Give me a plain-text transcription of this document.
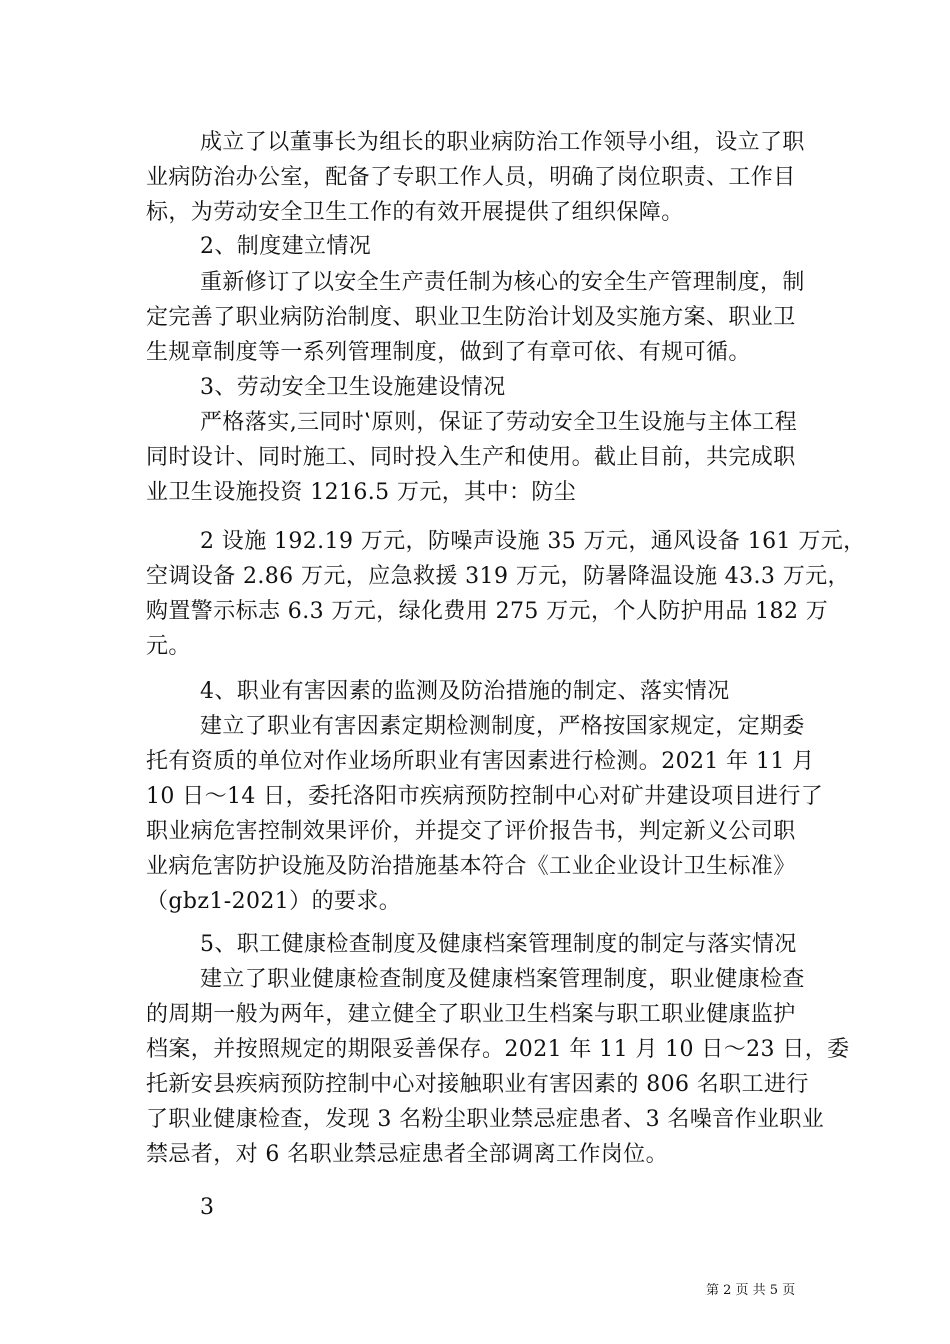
成立了以董事长为组长的职业病防治工作领导小组，设立了职
业病防治办公室，配备了专职工作人员，明确了岗位职责、工作目
标，为劳动安全卫生工作的有效开展提供了组织保障。
2、制度建立情况
重新修订了以安全生产责任制为核心的安全生产管理制度，制
定完善了职业病防治制度、职业卫生防治计划及实施方案、职业卫
生规章制度等一系列管理制度，做到了有章可依、有规可循。
3、劳动安全卫生设施建设情况
严格落实‚三同时‛原则，保证了劳动安全卫生设施与主体工程
同时设计、同时施工、同时投入生产和使用。截止目前，共完成职
业卫生设施投资 1216.5 万元，其中：防尘
2 设施 192.19 万元，防噪声设施 35 万元，通风设备 161 万元，
空调设备 2.86 万元，应急救援 319 万元，防暑降温设施 43.3 万元，
购置警示标志 6.3 万元，绿化费用 275 万元，个人防护用品 182 万
元。
4、职业有害因素的监测及防治措施的制定、落实情况
建立了职业有害因素定期检测制度，严格按国家规定，定期委
托有资质的单位对作业场所职业有害因素进行检测。2021 年 11 月
10 日～14 日，委托洛阳市疾病预防控制中心对矿井建设项目进行了
职业病危害控制效果评价，并提交了评价报告书，判定新义公司职
业病危害防护设施及防治措施基本符合《工业企业设计卫生标准》
（gbz1-2021）的要求。
5、职工健康检查制度及健康档案管理制度的制定与落实情况
建立了职业健康检查制度及健康档案管理制度，职业健康检查
的周期一般为两年，建立健全了职业卫生档案与职工职业健康监护
档案，并按照规定的期限妥善保存。2021 年 11 月 10 日～23 日，委
托新安县疾病预防控制中心对接触职业有害因素的 806 名职工进行
了职业健康检查，发现 3 名粉尘职业禁忌症患者、3 名噪音作业职业
禁忌者，对 6 名职业禁忌症患者全部调离工作岗位。
3
第 2 页 共 5 页
